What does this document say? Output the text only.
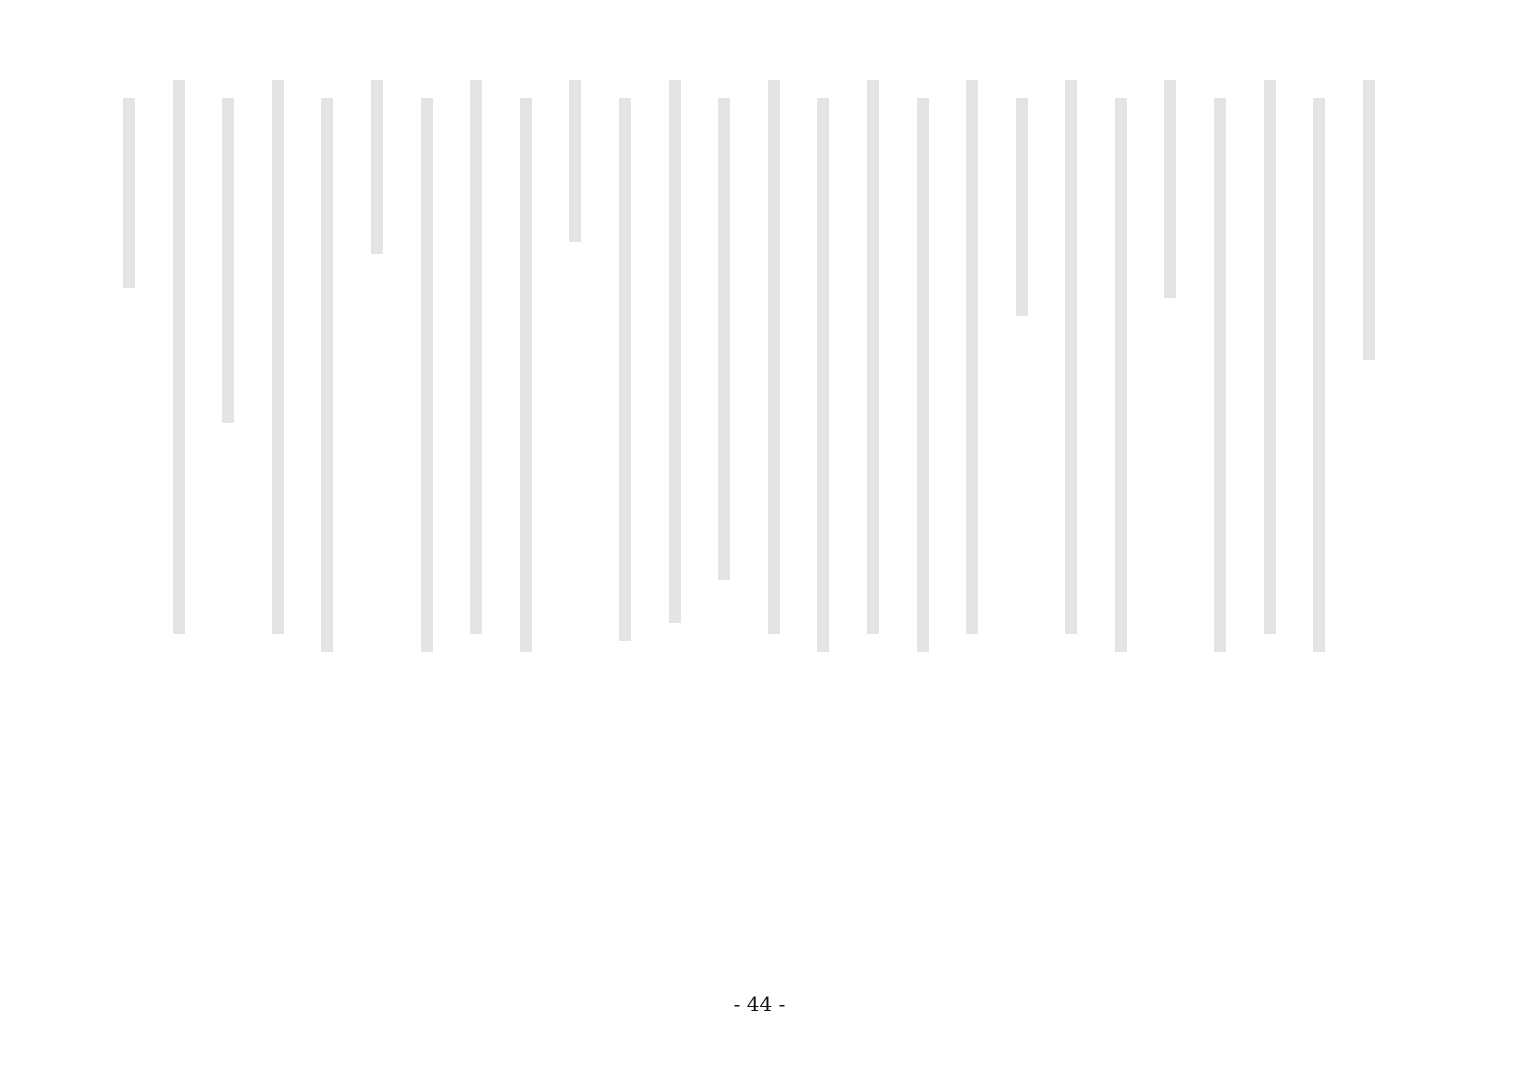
- 44 -
